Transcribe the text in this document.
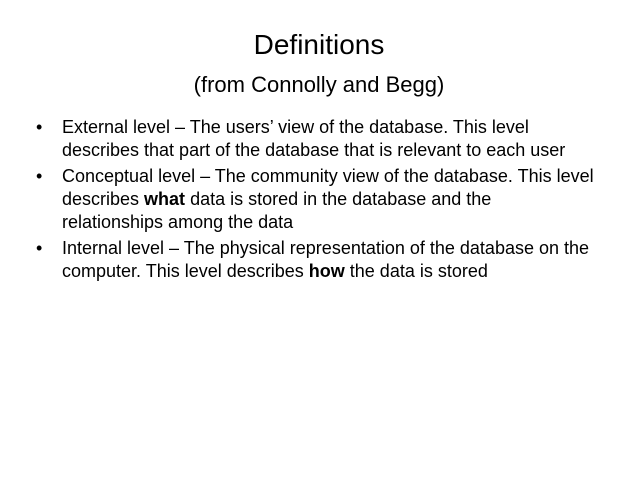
Definitions

(from Connolly and Begg)

•	External level – The users’ view of the database. This level describes that part of the database that is relevant to each user
•	Conceptual level – The community view of the database. This level describes what data is stored in the database and the relationships among the data
•	Internal level – The physical representation of the database on the computer. This level describes how the data is stored
